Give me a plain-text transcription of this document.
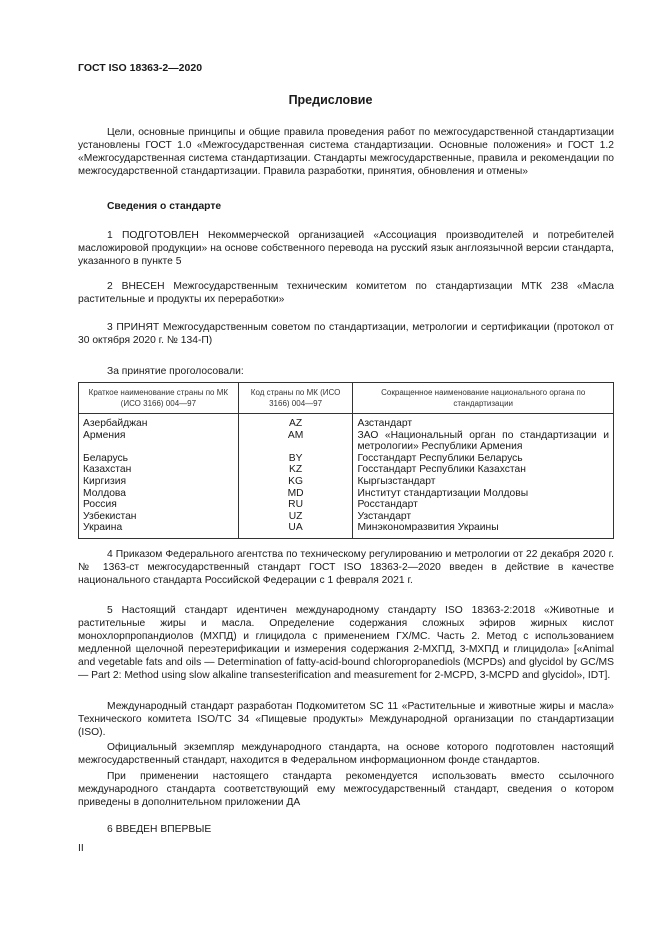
ГОСТ ISO 18363-2—2020
Предисловие

Цели, основные принципы и общие правила проведения работ по межгосударственной стандартизации установлены ГОСТ 1.0 «Межгосударственная система стандартизации. Основные положения» и ГОСТ 1.2 «Межгосударственная система стандартизации. Стандарты межгосударственные, правила и рекомендации по межгосударственной стандартизации. Правила разработки, принятия, обновления и отмены»

Сведения о стандарте

1 ПОДГОТОВЛЕН Некоммерческой организацией «Ассоциация производителей и потребителей масложировой продукции» на основе собственного перевода на русский язык англоязычной версии стандарта, указанного в пункте 5

2 ВНЕСЕН Межгосударственным техническим комитетом по стандартизации МТК 238 «Масла растительные и продукты их переработки»

3 ПРИНЯТ Межгосударственным советом по стандартизации, метрологии и сертификации (протокол от 30 октября 2020 г. № 134-П)

За принятие проголосовали:
Краткое наименование страны по МК (ИСО 3166) 004—97	Код страны по МК (ИСО 3166) 004—97	Сокращенное наименование национального органа по стандартизации
Азербайджан	AZ	Азстандарт
Армения	AM	ЗАО «Национальный орган по стандартизации и метрологии» Республики Армения
Беларусь	BY	Госстандарт Республики Беларусь
Казахстан	KZ	Госстандарт Республики Казахстан
Киргизия	KG	Кыргызстандарт
Молдова	MD	Институт стандартизации Молдовы
Россия	RU	Росстандарт
Узбекистан	UZ	Узстандарт
Украина	UA	Минэкономразвития Украины

4 Приказом Федерального агентства по техническому регулированию и метрологии от 22 декабря 2020 г. № 1363-ст межгосударственный стандарт ГОСТ ISO 18363-2—2020 введен в действие в качестве национального стандарта Российской Федерации с 1 февраля 2021 г.

5 Настоящий стандарт идентичен международному стандарту ISO 18363-2:2018 «Животные и растительные жиры и масла. Определение содержания сложных эфиров жирных кислот монохлорпропандиолов (МХПД) и глицидола с применением ГХ/МС. Часть 2. Метод с использованием медленной щелочной переэтерификации и измерения содержания 2-МХПД, 3-МХПД и глицидола» [«Animal and vegetable fats and oils — Determination of fatty-acid-bound chloropropanediols (MCPDs) and glycidol by GC/MS — Part 2: Method using slow alkaline transesterification and measurement for 2-MCPD, 3-MCPD and glycidol», IDT].

Международный стандарт разработан Подкомитетом SC 11 «Растительные и животные жиры и масла» Технического комитета ISO/TC 34 «Пищевые продукты» Международной организации по стандартизации (ISO).

Официальный экземпляр международного стандарта, на основе которого подготовлен настоящий межгосударственный стандарт, находится в Федеральном информационном фонде стандартов.

При применении настоящего стандарта рекомендуется использовать вместо ссылочного международного стандарта соответствующий ему межгосударственный стандарт, сведения о котором приведены в дополнительном приложении ДА

6 ВВЕДЕН ВПЕРВЫЕ

II
